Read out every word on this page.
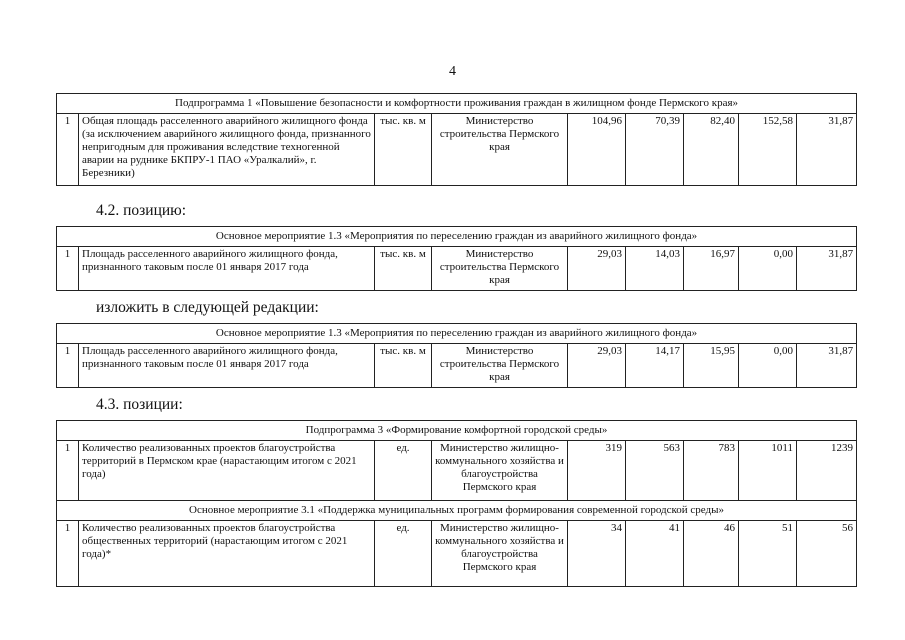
4
Подпрограмма 1 «Повышение безопасности и комфортности проживания граждан в жилищном фонде Пермского края»
1	Общая площадь расселенного аварийного жилищного фонда (за исключением аварийного жилищного фонда, признанного непригодным для проживания вследствие техногенной аварии на руднике БКПРУ-1 ПАО «Уралкалий», г. Березники)	тыс. кв. м	Министерство строительства Пермского края	104,96	70,39	82,40	152,58	31,87
4.2. позицию:
Основное мероприятие 1.3 «Мероприятия по переселению граждан из аварийного жилищного фонда»
1	Площадь расселенного аварийного жилищного фонда, признанного таковым после 01 января 2017 года	тыс. кв. м	Министерство строительства Пермского края	29,03	14,03	16,97	0,00	31,87
изложить в следующей редакции:
Основное мероприятие 1.3 «Мероприятия по переселению граждан из аварийного жилищного фонда»
1	Площадь расселенного аварийного жилищного фонда, признанного таковым после 01 января 2017 года	тыс. кв. м	Министерство строительства Пермского края	29,03	14,17	15,95	0,00	31,87
4.3. позиции:
Подпрограмма 3 «Формирование комфортной городской среды»								
1	Количество реализованных проектов благоустройства территорий в Пермском крае (нарастающим итогом с 2021 года)	ед.	Министерство жилищно-коммунального хозяйства и благоустройства Пермского края	319	563	783	1011	1239
Основное мероприятие 3.1 «Поддержка муниципальных программ формирования современной городской среды»								
1	Количество реализованных проектов благоустройства общественных территорий (нарастающим итогом с 2021 года)*	ед.	Министерство жилищно-коммунального хозяйства и благоустройства Пермского края	34	41	46	51	56
